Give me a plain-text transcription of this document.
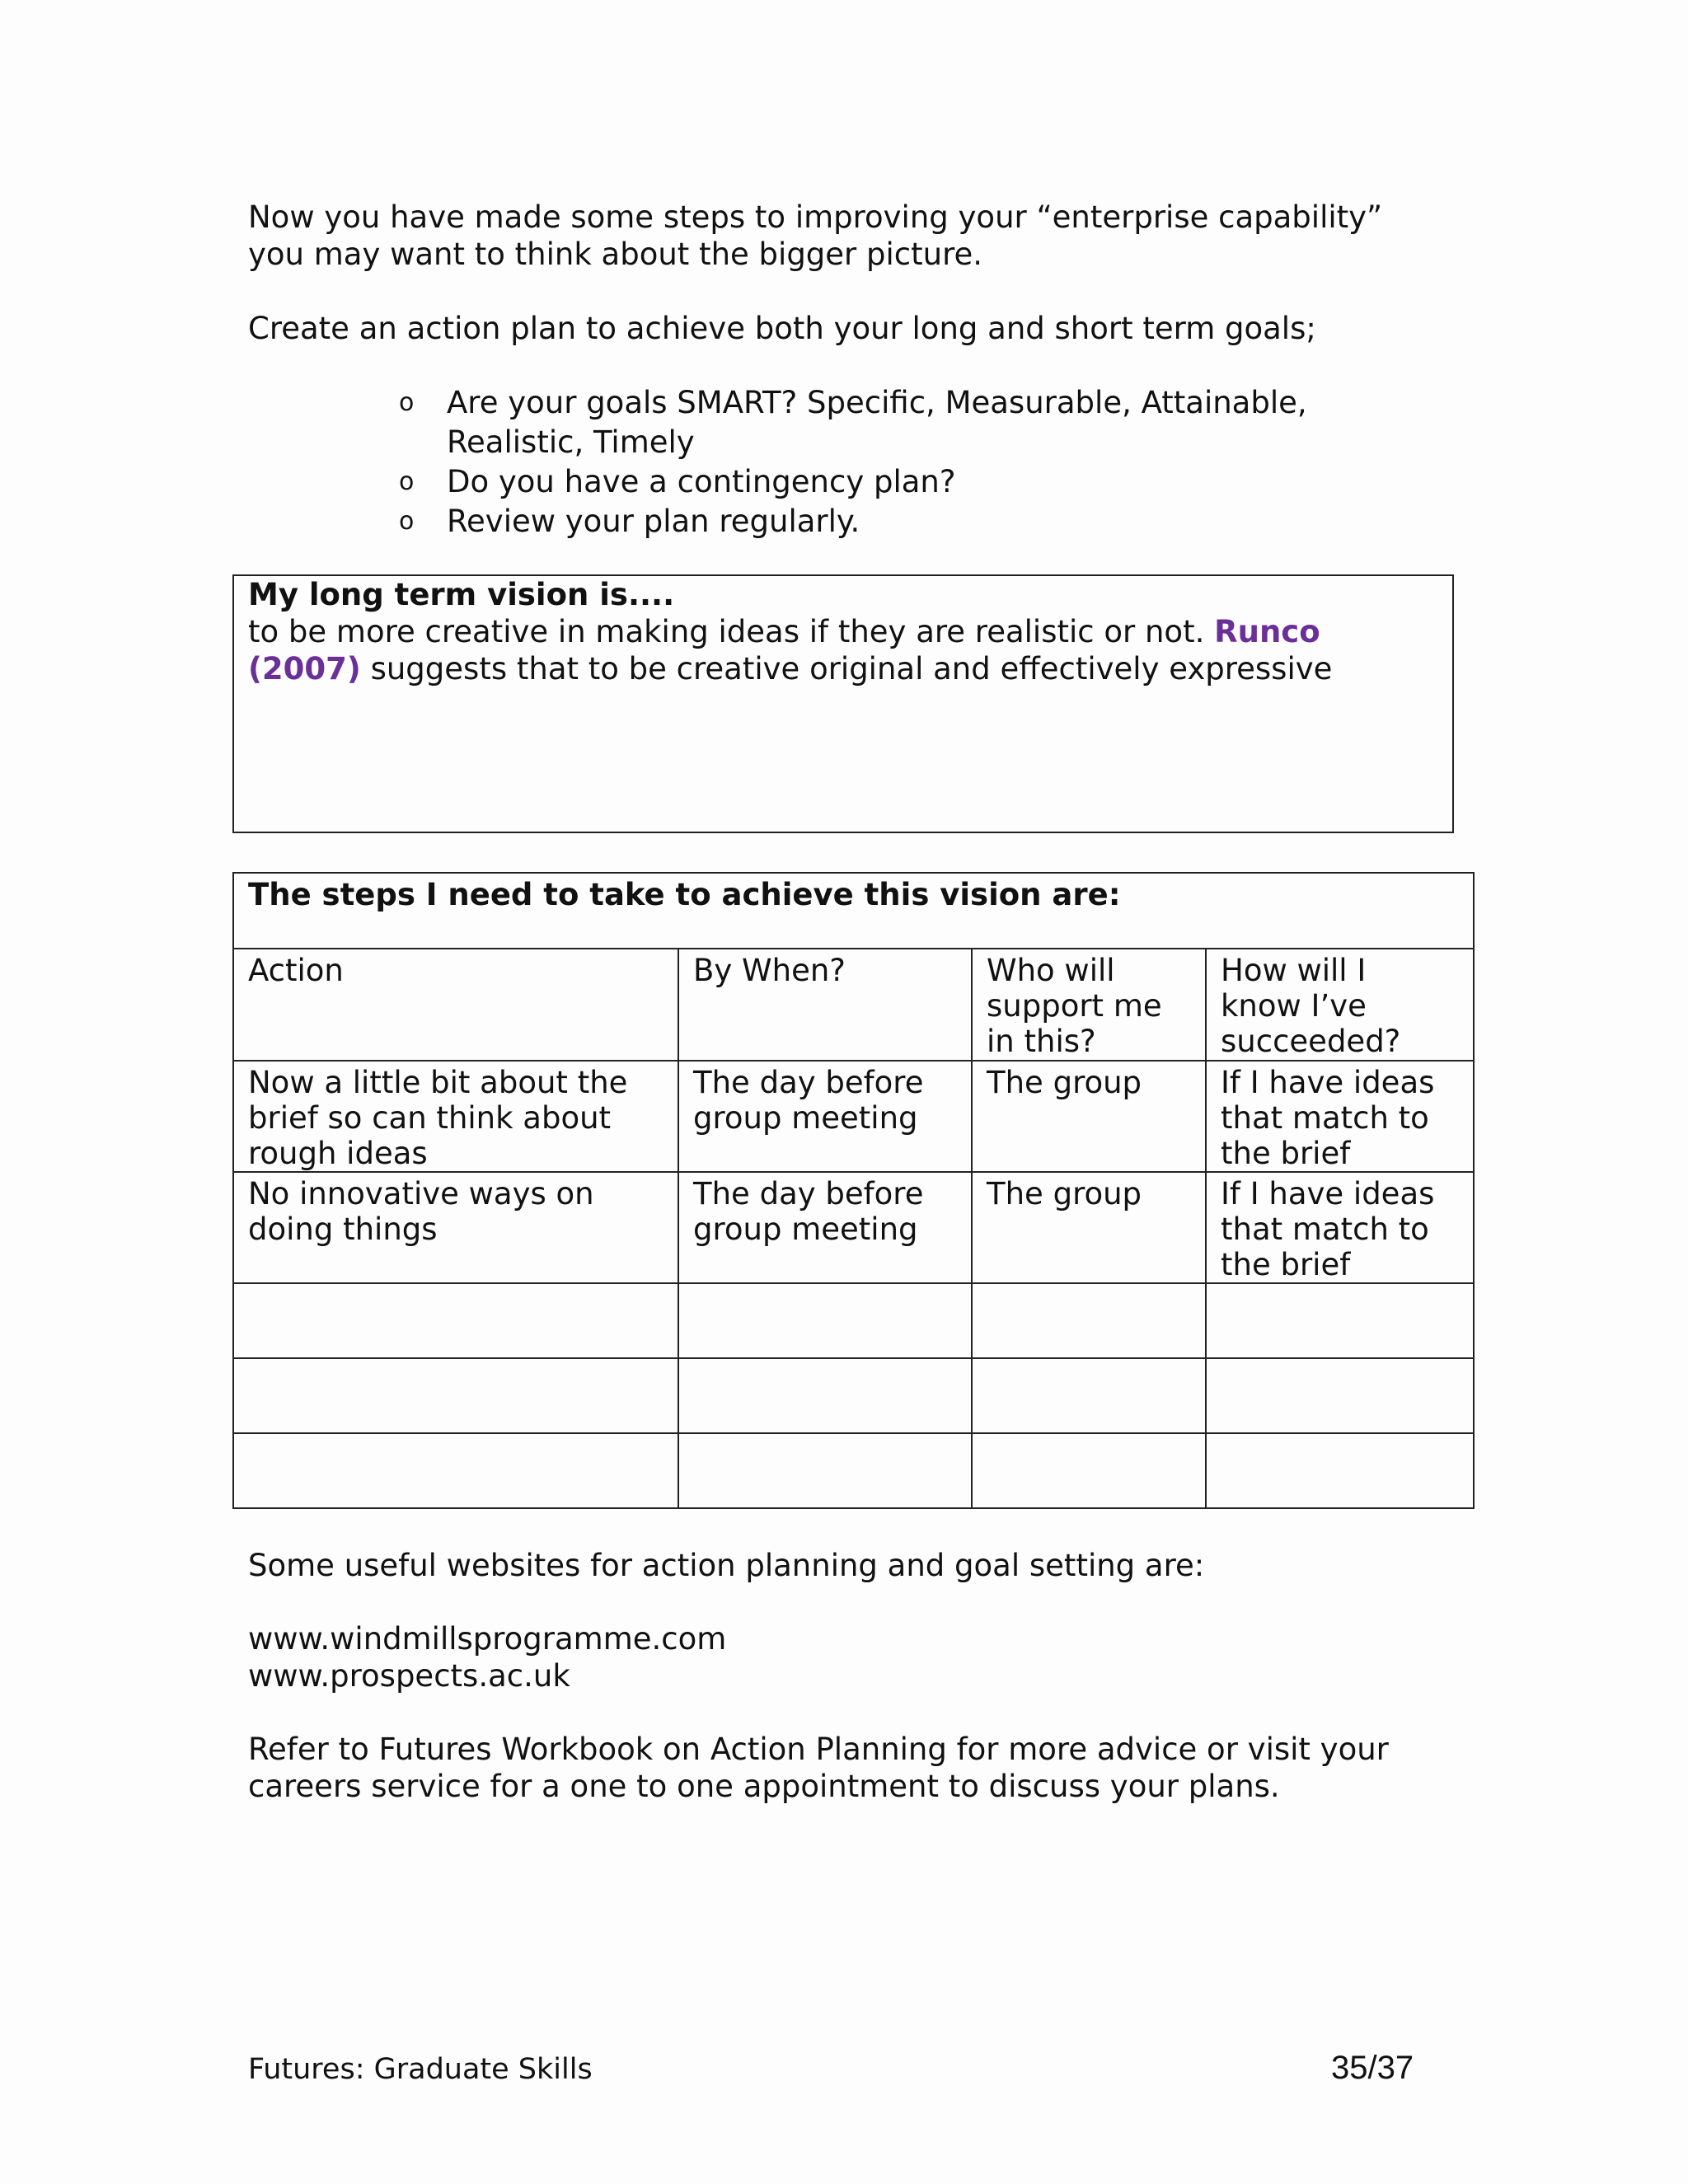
Now you have made some steps to improving your “enterprise capability”
you may want to think about the bigger picture.

Create an action plan to achieve both your long and short term goals;

o Are your goals SMART? Specific, Measurable, Attainable,
Realistic, Timely
o Do you have a contingency plan?
o Review your plan regularly.
My long term vision is....
to be more creative in making ideas if they are realistic or not. Runco
(2007) suggests that to be creative original and effectively expressive
The steps I need to take to achieve this vision are:			
Action	By When?	Who will
support me
in this?	How will I
know I’ve
succeeded?
Now a little bit about the
brief so can think about
rough ideas	The day before
group meeting	The group	If I have ideas
that match to
the brief
No innovative ways on
doing things	The day before
group meeting	The group	If I have ideas
that match to
the brief

Some useful websites for action planning and goal setting are:

www.windmillsprogramme.com
www.prospects.ac.uk

Refer to Futures Workbook on Action Planning for more advice or visit your
careers service for a one to one appointment to discuss your plans.

Futures: Graduate Skills	35/37
